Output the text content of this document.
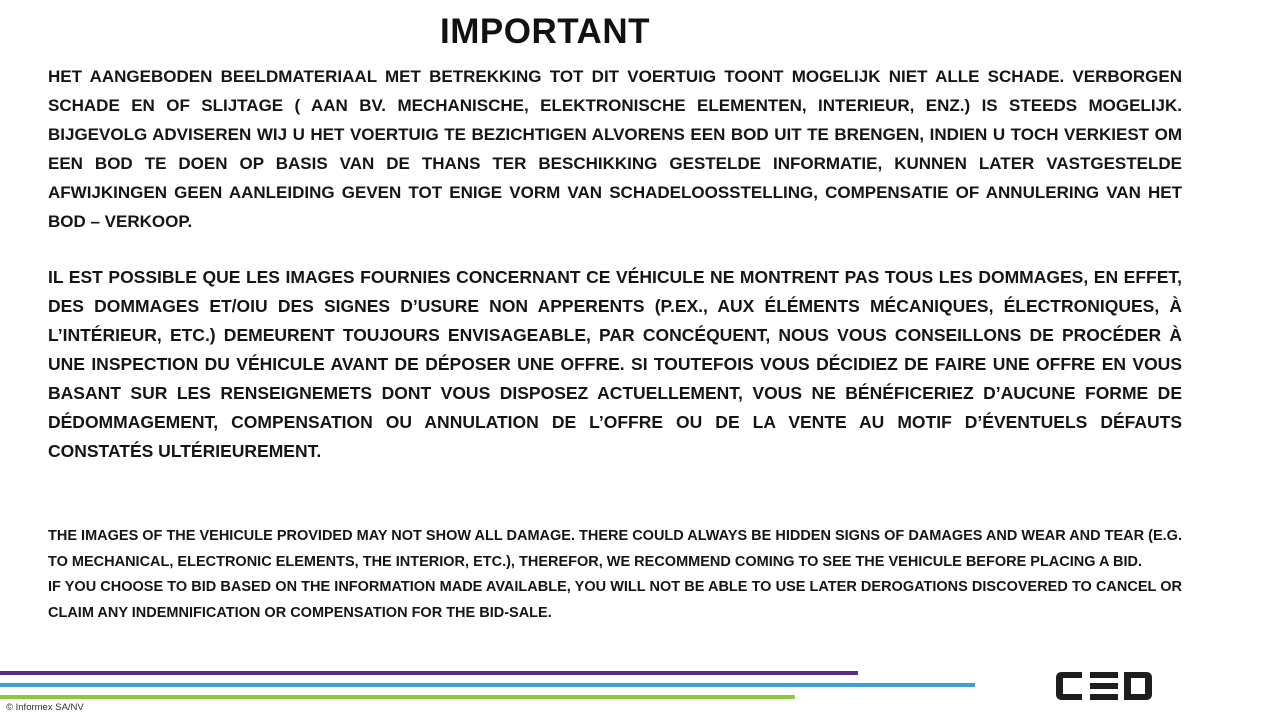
IMPORTANT

HET AANGEBODEN BEELDMATERIAAL MET BETREKKING TOT DIT VOERTUIG TOONT MOGELIJK NIET ALLE SCHADE. VERBORGEN SCHADE EN OF SLIJTAGE ( AAN BV. MECHANISCHE, ELEKTRONISCHE ELEMENTEN, INTERIEUR, ENZ.) IS STEEDS MOGELIJK. BIJGEVOLG ADVISEREN WIJ U HET VOERTUIG TE BEZICHTIGEN ALVORENS EEN BOD UIT TE BRENGEN, INDIEN U TOCH VERKIEST OM EEN BOD TE DOEN OP BASIS VAN DE THANS TER BESCHIKKING GESTELDE INFORMATIE, KUNNEN LATER VASTGESTELDE AFWIJKINGEN GEEN AANLEIDING GEVEN TOT ENIGE VORM VAN SCHADELOOSSTELLING, COMPENSATIE OF ANNULERING VAN HET BOD – VERKOOP.

IL EST POSSIBLE QUE LES IMAGES FOURNIES CONCERNANT CE VÉHICULE NE MONTRENT PAS TOUS LES DOMMAGES, EN EFFET, DES DOMMAGES ET/OIU DES SIGNES D’USURE NON APPERENTS (P.EX., AUX ÉLÉMENTS MÉCANIQUES, ÉLECTRONIQUES, À L’INTÉRIEUR, ETC.) DEMEURENT TOUJOURS ENVISAGEABLE, PAR CONCÉQUENT, NOUS VOUS CONSEILLONS DE PROCÉDER À UNE INSPECTION DU VÉHICULE AVANT DE DÉPOSER UNE OFFRE. SI TOUTEFOIS VOUS DÉCIDIEZ DE FAIRE UNE OFFRE EN VOUS BASANT SUR LES RENSEIGNEMETS DONT VOUS DISPOSEZ ACTUELLEMENT, VOUS NE BÉNÉFICERIEZ D’AUCUNE FORME DE DÉDOMMAGEMENT, COMPENSATION OU ANNULATION DE L’OFFRE OU DE LA VENTE AU MOTIF D’ÉVENTUELS DÉFAUTS CONSTATÉS ULTÉRIEUREMENT.

THE IMAGES OF THE VEHICULE PROVIDED MAY NOT SHOW ALL DAMAGE. THERE COULD ALWAYS BE HIDDEN SIGNS OF DAMAGES AND WEAR AND TEAR (E.G. TO MECHANICAL, ELECTRONIC ELEMENTS, THE INTERIOR, ETC.), THEREFOR, WE RECOMMEND COMING TO SEE THE VEHICULE BEFORE PLACING A BID.

IF YOU CHOOSE TO BID BASED ON THE INFORMATION MADE AVAILABLE, YOU WILL NOT BE ABLE TO USE LATER DEROGATIONS DISCOVERED TO CANCEL OR CLAIM ANY INDEMNIFICATION OR COMPENSATION FOR THE BID-SALE.

© Informex SA/NV
